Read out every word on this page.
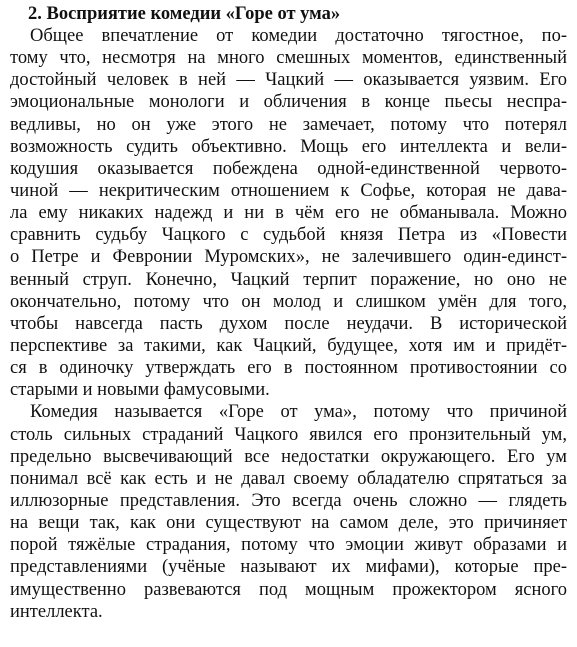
2. Восприятие комедии «Горе от ума»
Общее впечатление от комедии достаточно тягостное, по-
тому что, несмотря на много смешных моментов, единственный
достойный человек в ней — Чацкий — оказывается уязвим. Его
эмоциональные монологи и обличения в конце пьесы неспра-
ведливы, но он уже этого не замечает, потому что потерял
возможность судить объективно. Мощь его интеллекта и вели-
кодушия оказывается побеждена одной-единственной червото-
чиной — некритическим отношением к Софье, которая не дава-
ла ему никаких надежд и ни в чём его не обманывала. Можно
сравнить судьбу Чацкого с судьбой князя Петра из «Повести
о Петре и Февронии Муромских», не залечившего один-единст-
венный струп. Конечно, Чацкий терпит поражение, но оно не
окончательно, потому что он молод и слишком умён для того,
чтобы навсегда пасть духом после неудачи. В исторической
перспективе за такими, как Чацкий, будущее, хотя им и придёт-
ся в одиночку утверждать его в постоянном противостоянии со
старыми и новыми фамусовыми.
Комедия называется «Горе от ума», потому что причиной
столь сильных страданий Чацкого явился его пронзительный ум,
предельно высвечивающий все недостатки окружающего. Его ум
понимал всё как есть и не давал своему обладателю спрятаться за
иллюзорные представления. Это всегда очень сложно — глядеть
на вещи так, как они существуют на самом деле, это причиняет
порой тяжёлые страдания, потому что эмоции живут образами и
представлениями (учёные называют их мифами), которые пре-
имущественно развеваются под мощным прожектором ясного
интеллекта.
